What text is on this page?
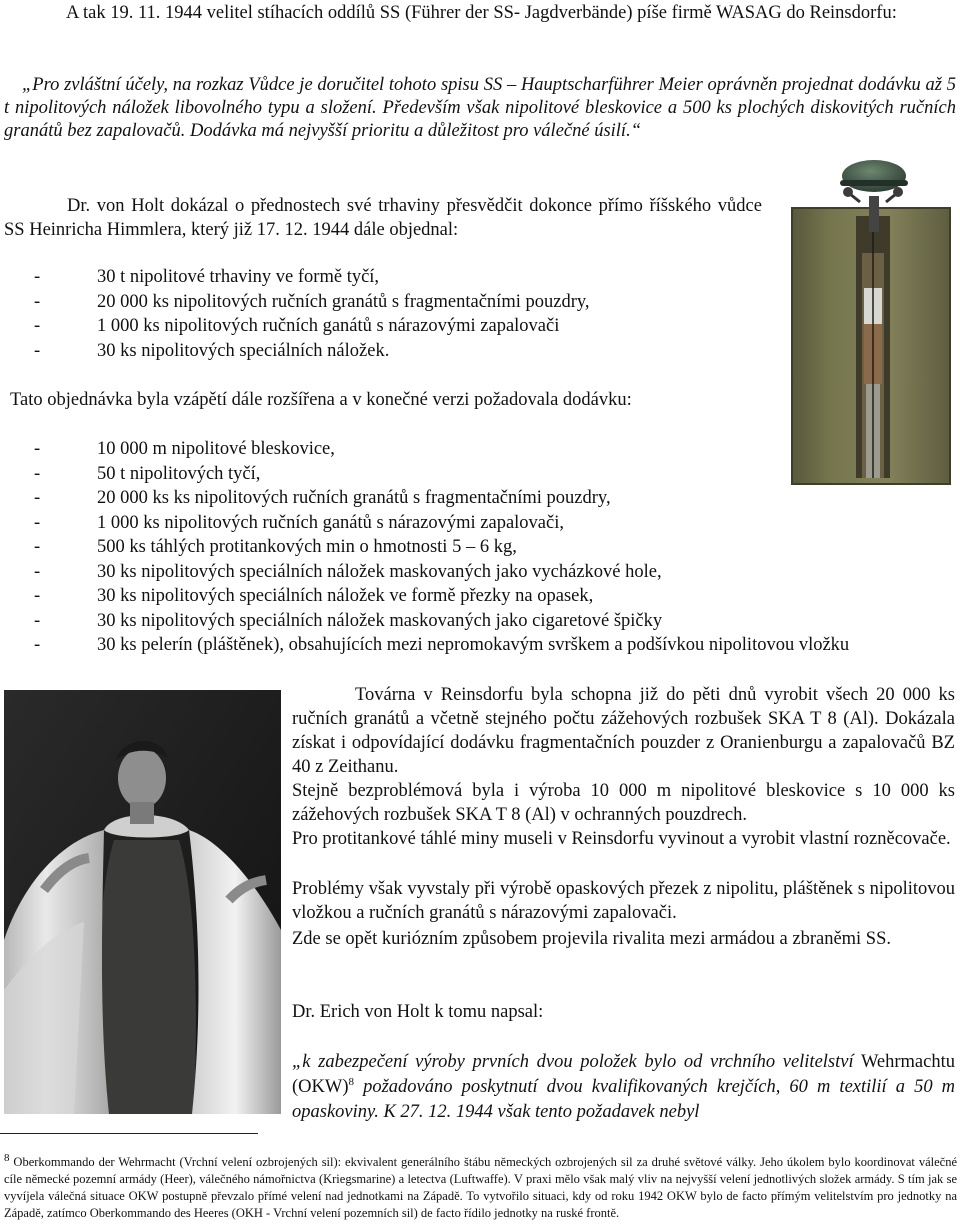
A tak 19. 11. 1944 velitel stíhacích oddílů SS (Führer der SS- Jagdverbände) píše firmě WASAG do Reinsdorfu:

„Pro zvláštní účely, na rozkaz Vůdce je doručitel tohoto spisu SS – Hauptscharführer Meier oprávněn projednat dodávku až 5 t nipolitových náložek libovolného typu a složení. Především však nipolitové bleskovice a 500 ks plochých diskovitých ručních granátů bez zapalovačů. Dodávka má nejvyšší prioritu a důležitost pro válečné úsilí.“

Dr. von Holt dokázal o přednostech své trhaviny přesvědčit dokonce přímo říšského vůdce SS Heinricha Himmlera, který již 17. 12. 1944 dále objednal:

-	30 t nipolitové trhaviny ve formě tyčí,
-	20 000 ks nipolitových ručních granátů s fragmentačními pouzdry,
-	1 000 ks nipolitových ručních ganátů s nárazovými zapalovači
-	30 ks nipolitových speciálních náložek.

Tato objednávka byla vzápětí dále rozšířena a v konečné verzi požadovala dodávku:

-	10 000 m nipolitové bleskovice,
-	50 t nipolitových tyčí,
-	20 000 ks ks nipolitových ručních granátů s fragmentačními pouzdry,
-	1 000 ks nipolitových ručních ganátů s nárazovými zapalovači,
-	500 ks táhlých protitankových min o hmotnosti 5 – 6 kg,
-	30 ks nipolitových speciálních náložek maskovaných jako vycházkové hole,
-	30 ks nipolitových speciálních náložek ve formě přezky na opasek,
-	30 ks nipolitových speciálních náložek maskovaných jako cigaretové špičky
-	30 ks pelerín (pláštěnek), obsahujících mezi nepromokavým svrškem a podšívkou nipolitovou vložku

Továrna v Reinsdorfu byla schopna již do pěti dnů vyrobit všech 20 000 ks ručních granátů a včetně stejného počtu zážehových rozbušek SKA T 8 (Al). Dokázala získat i odpovídající dodávku fragmentačních pouzder z Oranienburgu a zapalovačů BZ 40 z Zeithanu.

Stejně bezproblémová byla i výroba 10 000 m nipolitové bleskovice s 10 000 ks zážehových rozbušek SKA T 8 (Al) v ochranných pouzdrech.

Pro protitankové táhlé miny museli v Reinsdorfu vyvinout a vyrobit vlastní rozněcovače.

Problémy však vyvstaly při výrobě opaskových přezek z nipolitu, pláštěnek s nipolitovou vložkou a ručních granátů s nárazovými zapalovači.

Zde se opět kuriózním způsobem projevila rivalita mezi armádou a zbraněmi SS.

Dr. Erich von Holt k tomu napsal:

„k zabezpečení výroby prvních dvou položek bylo od vrchního velitelství Wehrmachtu (OKW)$^8$ požadováno poskytnutí dvou kvalifikovaných krejčích, 60 m textilií a 50 m opaskoviny. K 27. 12. 1944 však tento požadavek nebyl

$^8$ Oberkommando der Wehrmacht (Vrchní velení ozbrojených sil): ekvivalent generálního štábu německých ozbrojených sil za druhé světové války. Jeho úkolem bylo koordinovat válečné cíle německé pozemní armády (Heer), válečného námořnictva (Kriegsmarine) a letectva (Luftwaffe). V praxi mělo však malý vliv na nejvyšší velení jednotlivých složek armády. S tím jak se vyvíjela válečná situace OKW postupně převzalo přímé velení nad jednotkami na Západě. To vytvořilo situaci, kdy od roku 1942 OKW bylo de facto přímým velitelstvím pro jednotky na Západě, zatímco Oberkommando des Heeres (OKH - Vrchní velení pozemních sil) de facto řídilo jednotky na ruské frontě.
